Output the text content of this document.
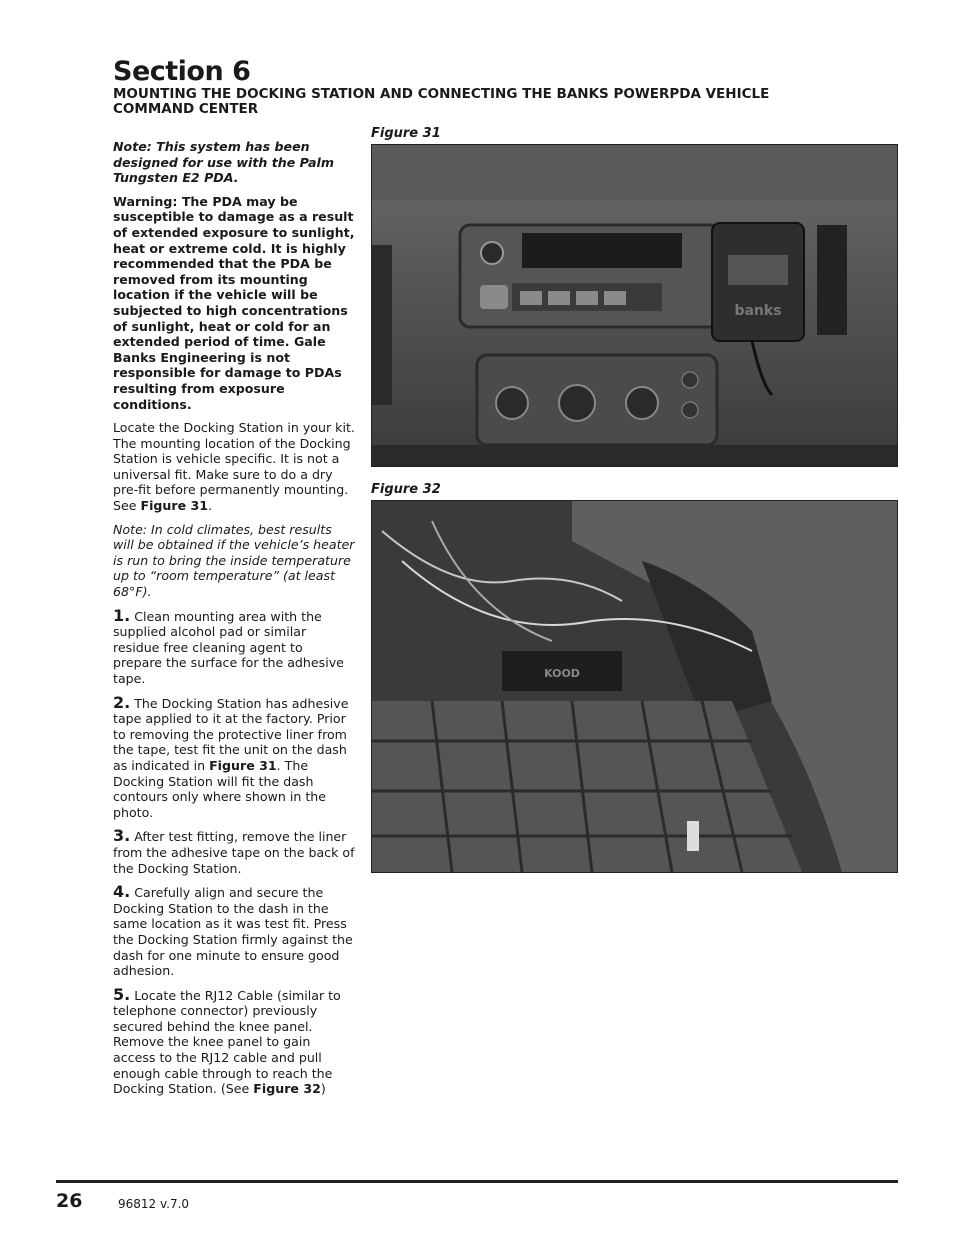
Section 6
MOUNTING THE DOCKING STATION AND CONNECTING THE BANKS POWERPDA VEHICLE COMMAND CENTER

Note: This system has been designed for use with the Palm Tungsten E2 PDA.

Warning: The PDA may be susceptible to damage as a result of extended exposure to sunlight, heat or extreme cold. It is highly recommended that the PDA be removed from its mounting location if the vehicle will be subjected to high concentrations of sunlight, heat or cold for an extended period of time. Gale Banks Engineering is not responsible for damage to PDAs resulting from exposure conditions.

Locate the Docking Station in your kit. The mounting location of the Docking Station is vehicle specific. It is not a universal fit. Make sure to do a dry pre-fit before permanently mounting. See Figure 31.

Note: In cold climates, best results will be obtained if the vehicle’s heater is run to bring the inside temperature up to “room temperature” (at least 68°F).

1. Clean mounting area with the supplied alcohol pad or similar residue free cleaning agent to prepare the surface for the adhesive tape.

2. The Docking Station has adhesive tape applied to it at the factory. Prior to removing the protective liner from the tape, test fit the unit on the dash as indicated in Figure 31. The Docking Station will fit the dash contours only where shown in the photo.

3. After test fitting, remove the liner from the adhesive tape on the back of the Docking Station.

4. Carefully align and secure the Docking Station to the dash in the same location as it was test fit. Press the Docking Station firmly against the dash for one minute to ensure good adhesion.

5. Locate the RJ12 Cable (similar to telephone connector) previously secured behind the knee panel. Remove the knee panel to gain access to the RJ12 cable and pull enough cable through to reach the Docking Station. (See Figure 32)

Figure 31
banks
Figure 32
KOOD
26	96812 v.7.0
